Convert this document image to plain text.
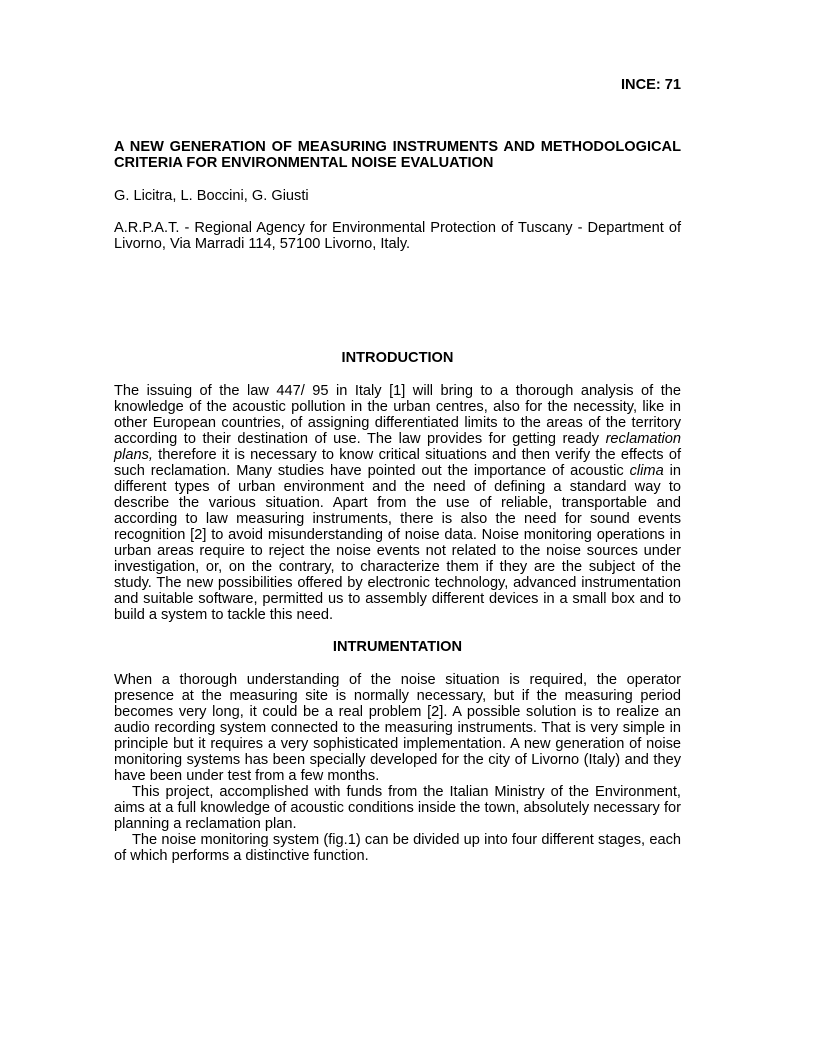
INCE: 71
A NEW GENERATION OF MEASURING INSTRUMENTS AND METHODOLOGICAL CRITERIA FOR ENVIRONMENTAL NOISE EVALUATION
G. Licitra, L. Boccini, G. Giusti
A.R.P.A.T. - Regional Agency for Environmental Protection of Tuscany - Department of Livorno, Via Marradi 114, 57100 Livorno, Italy.
INTRODUCTION

The issuing of the law 447/ 95 in Italy [1] will bring to a thorough analysis of the knowledge of the acoustic pollution in the urban centres, also for the necessity, like in other European countries, of assigning differentiated limits to the areas of the territory according to their destination of use. The law provides for getting ready reclamation plans, therefore it is necessary to know critical situations and then verify the effects of such reclamation. Many studies have pointed out the importance of acoustic clima in different types of urban environment and the need of defining a standard way to describe the various situation. Apart from the use of reliable, transportable and according to law measuring instruments, there is also the need for sound events recognition [2] to avoid misunderstanding of noise data. Noise monitoring operations in urban areas require to reject the noise events not related to the noise sources under investigation, or, on the contrary, to characterize them if they are the subject of the study. The new possibilities offered by electronic technology, advanced instrumentation and suitable software, permitted us to assembly different devices in a small box and to build a system to tackle this need.

INTRUMENTATION

When a thorough understanding of the noise situation is required, the operator presence at the measuring site is normally necessary, but if the measuring period becomes very long, it could be a real problem [2]. A possible solution is to realize an audio recording system connected to the measuring instruments. That is very simple in principle but it requires a very sophisticated implementation. A new generation of noise monitoring systems has been specially developed for the city of Livorno (Italy) and they have been under test from a few months.

This project, accomplished with funds from the Italian Ministry of the Environment, aims at a full knowledge of acoustic conditions inside the town, absolutely necessary for planning a reclamation plan.

The noise monitoring system (fig.1) can be divided up into four different stages, each of which performs a distinctive function.
